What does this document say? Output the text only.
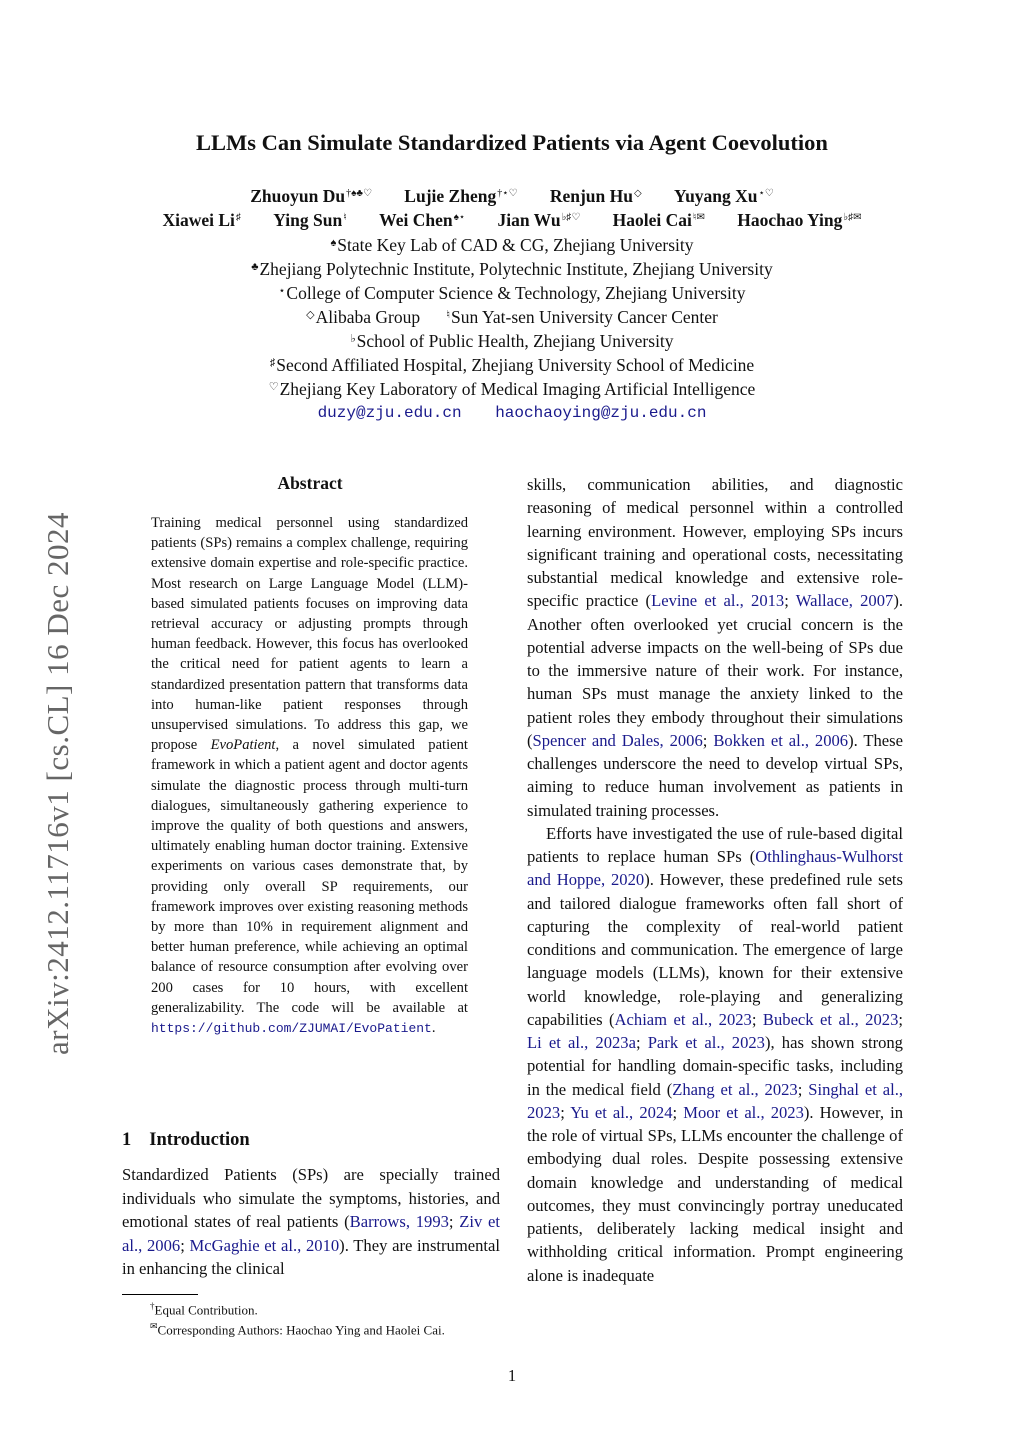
LLMs Can Simulate Standardized Patients via Agent Coevolution
Zhuoyun Du†♠♣♡ Lujie Zheng†⋆♡ Renjun Hu◇ Yuyang Xu⋆♡
Xiawei Li♯ Ying Sun♮ Wei Chen♠⋆ Jian Wu♭♯♡ Haolei Cai♮✉ Haochao Ying♭♯✉
♠State Key Lab of CAD & CG, Zhejiang University
♣Zhejiang Polytechnic Institute, Polytechnic Institute, Zhejiang University
⋆College of Computer Science & Technology, Zhejiang University
◇Alibaba Group ♮Sun Yat-sen University Cancer Center
♭School of Public Health, Zhejiang University
♯Second Affiliated Hospital, Zhejiang University School of Medicine
♡Zhejiang Key Laboratory of Medical Imaging Artificial Intelligence
duzy@zju.edu.cn haochaoying@zju.edu.cn
arXiv:2412.11716v1 [cs.CL] 16 Dec 2024
Abstract
Training medical personnel using standardized patients (SPs) remains a complex challenge, requiring extensive domain expertise and role-specific practice. Most research on Large Language Model (LLM)-based simulated patients focuses on improving data retrieval accuracy or adjusting prompts through human feedback. However, this focus has overlooked the critical need for patient agents to learn a standardized presentation pattern that transforms data into human-like patient responses through unsupervised simulations. To address this gap, we propose EvoPatient, a novel simulated patient framework in which a patient agent and doctor agents simulate the diagnostic process through multi-turn dialogues, simultaneously gathering experience to improve the quality of both questions and answers, ultimately enabling human doctor training. Extensive experiments on various cases demonstrate that, by providing only overall SP requirements, our framework improves over existing reasoning methods by more than 10% in requirement alignment and better human preference, while achieving an optimal balance of resource consumption after evolving over 200 cases for 10 hours, with excellent generalizability. The code will be available at https://github.com/ZJUMAI/EvoPatient.
1 Introduction
Standardized Patients (SPs) are specially trained individuals who simulate the symptoms, histories, and emotional states of real patients (Barrows, 1993; Ziv et al., 2006; McGaghie et al., 2010). They are instrumental in enhancing the clinical
†Equal Contribution.
✉Corresponding Authors: Haochao Ying and Haolei Cai.

skills, communication abilities, and diagnostic reasoning of medical personnel within a controlled learning environment. However, employing SPs incurs significant training and operational costs, necessitating substantial medical knowledge and extensive role-specific practice (Levine et al., 2013; Wallace, 2007). Another often overlooked yet crucial concern is the potential adverse impacts on the well-being of SPs due to the immersive nature of their work. For instance, human SPs must manage the anxiety linked to the patient roles they embody throughout their simulations (Spencer and Dales, 2006; Bokken et al., 2006). These challenges underscore the need to develop virtual SPs, aiming to reduce human involvement as patients in simulated training processes.

Efforts have investigated the use of rule-based digital patients to replace human SPs (Othlinghaus-Wulhorst and Hoppe, 2020). However, these predefined rule sets and tailored dialogue frameworks often fall short of capturing the complexity of real-world patient conditions and communication. The emergence of large language models (LLMs), known for their extensive world knowledge, role-playing and generalizing capabilities (Achiam et al., 2023; Bubeck et al., 2023; Li et al., 2023a; Park et al., 2023), has shown strong potential for handling domain-specific tasks, including in the medical field (Zhang et al., 2023; Singhal et al., 2023; Yu et al., 2024; Moor et al., 2023). However, in the role of virtual SPs, LLMs encounter the challenge of embodying dual roles. Despite possessing extensive domain knowledge and understanding of medical outcomes, they must convincingly portray uneducated patients, deliberately lacking medical insight and withholding critical information. Prompt engineering alone is inadequate

1
